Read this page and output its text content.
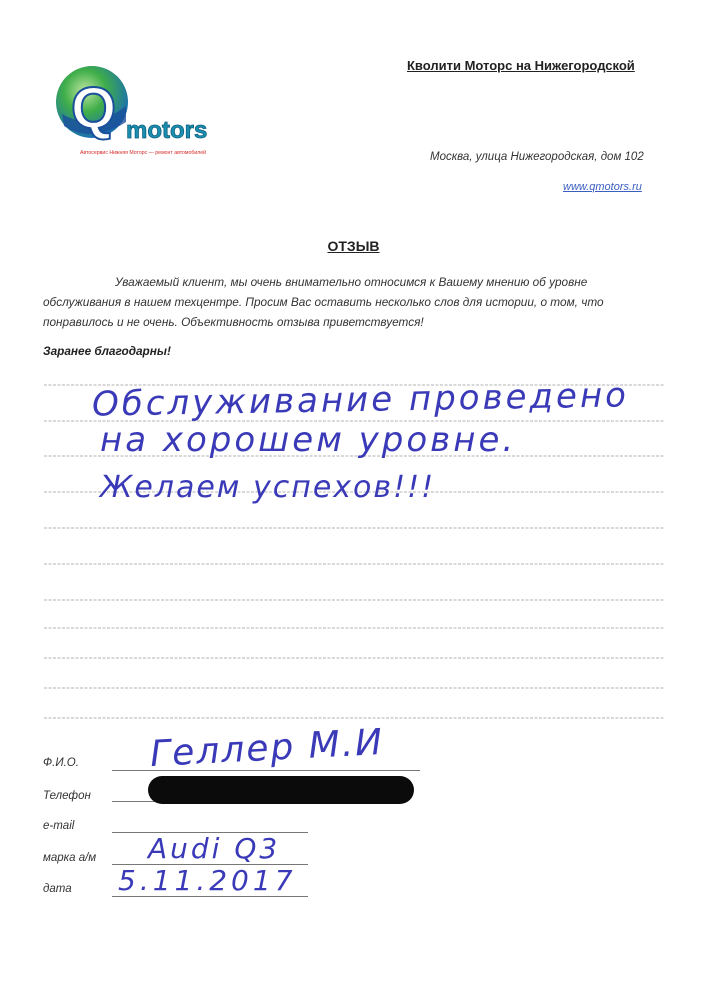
Кволити Моторс на Нижегородской
Москва, улица Нижегородская, дом 102
www.qmotors.ru
Q motors
Автосервис Нижняя Моторс — ремонт автомобилей
ОТЗЫВ
Уважаемый клиент, мы очень внимательно относимся к Вашему мнению об уровне обслуживания в нашем техцентре. Просим Вас оставить несколько слов для истории, о том, что понравилось и не очень. Объективность отзыва приветствуется!
Заранее благодарны!
Обслуживание проведено
на хорошем уровне.
Желаем успехов!!!
Ф.И.О.
Телефон
e-mail
марка а/м
дата
Геллер М.И
Audi Q3
5.11.2017
